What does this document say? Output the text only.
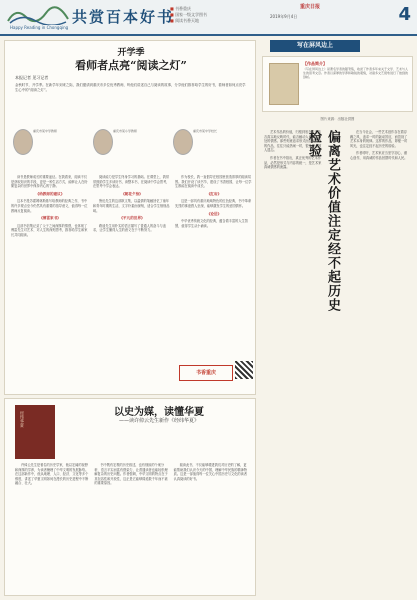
Happy Reading in Chongqing
共赏百本好书
■ 书香重庆
■ 国家一级文学图书
■ 阅读书香天地
重庆日报
2019年9月4日	4
开学季
看师者点亮“阅读之灯”
本报记者 见习记者
金秋时节，开学季。在新学年到来之际，我们邀请到重庆市多位优秀教师，听他们讲述自己与阅读的故事，分享他们推荐给学生的好书，看师者如何点亮学生心中的“阅读之灯”。
重庆市某中学教师	重庆市某小学教师	重庆市某中学校长

读书是教师成长的重要途径。在我看来，阅读不仅是获取知识的手段，更是一种生活方式，能够让人在纷繁复杂的世界中保持内心的宁静。

《给教师的建议》

这本书是苏霍姆林斯基写给教师的经典之作，书中的许多观点至今仍然具有重要的指导意义，值得每一位教师反复阅读。

《傅雷家书》

这部书信集记录了父子之间深厚的情感，也体现了傅雷先生对艺术、对人生的深刻思考，推荐给学生和家长共同阅读。

阅读能力是学生终身学习的基础。在课堂上，我常常鼓励学生多读好书，读整本书，在阅读中学会思考，在思考中学会表达。

《朝花夕拾》

鲁迅先生的这部散文集，以温情的笔触回忆了童年和青年时期的生活，文字朴素而深刻，适合学生细细品味。

《平凡的世界》

路遥先生用朴实的语言描写了普通人的奋斗与追求，让学生懂得人生的意义在于不断努力。

作为校长，我一直倡导在校园里营造浓厚的阅读氛围。我们开设了读书节，建设了书香校园，让每一位学生都能在阅读中成长。

《红岩》

这是一部具有重庆地域特色的红色经典，书中革命先烈的事迹感人至深，能够激发学生的爱国情怀。

《论语》

中华优秀传统文化的经典，蕴含着丰富的人生智慧，值得学生从小诵读。

书香重庆
经纬华夏	以史为媒，读懂华夏
——读许倬云先生新作《经纬华夏》

许倬云先生是著名的历史学家，他以宏阔的视野和深厚的学养，为读者梳理了中华文明的发展脉络。在这部新作中，他从地理、人口、经济、文化等多个维度，讲述了华夏文明如何在漫长的历史进程中不断融合、壮大。

书中既有宏观的历史叙述，也有细致的个案分析，语言平实而富有感染力，让普通读者也能轻松理解复杂的历史问题。作者强调，中华文明的特点在于其包容性和开放性，这正是它能够绵延数千年而不衰的重要原因。

阅读此书，不仅能够增进我们对历史的了解，更能帮助我们认识今天的中国，理解中华民族的精神特质。这是一部值得每一位关心中国历史与文化的读者认真阅读的好书。

写在屏风边上
【作品简介】
《写在屏风边上》是著名学者的随笔集，收录了作者多年来关于文学、艺术与人生的思考文章。作者以深厚的学养和敏锐的观察，对诸多文艺现象进行了独到的剖析。
图片来源：出版社供图

艺术作品的价值，归根到底在于它能否真实地反映时代，能否触动人们内心深处的情感。那些刻意追求形式而忽视内容的作品，往往只能热闹一时，很快便会被人遗忘。

作者在书中指出，真正优秀的艺术作品，必然是形式与内容的统一，是艺术家真诚情感的流露。	偏离艺术价值注定经不起历史检验	在当今社会，一些艺术创作存在着浮躁之风，追求一时的轰动效应，而忽视了艺术本身的规律。这样的作品，即便一时风光，也注定经不起历史的检验。

作者呼吁，艺术家应当坚守初心，潜心创作，用真诚的作品回馈时代和人民。
